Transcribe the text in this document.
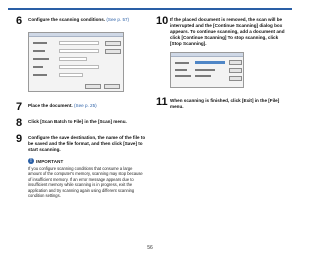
6	Configure the scanning conditions. (See p. 57)
7	Place the document. (See p. 25)
8	Click [Scan Batch to File] in the [Scan] menu.
9	Configure the save destination, the name of the file to be saved and the file format, and then click [Save] to start scanning.
! IMPORTANT

If you configure scanning conditions that consume a large amount of the computer's memory, scanning may stop because of insufficient memory. If an error message appears due to insufficient memory while scanning is in progress, exit the application and try scanning again using different scanning condition settings.

10 If the placed document is removed, the scan will be interrupted and the [Continue Scanning] dialog box appears. To continue scanning, add a document and click [Continue Scanning] To stop scanning, click [Stop Scanning].
11 When scanning is finished, click [Exit] in the [File] menu.
56
